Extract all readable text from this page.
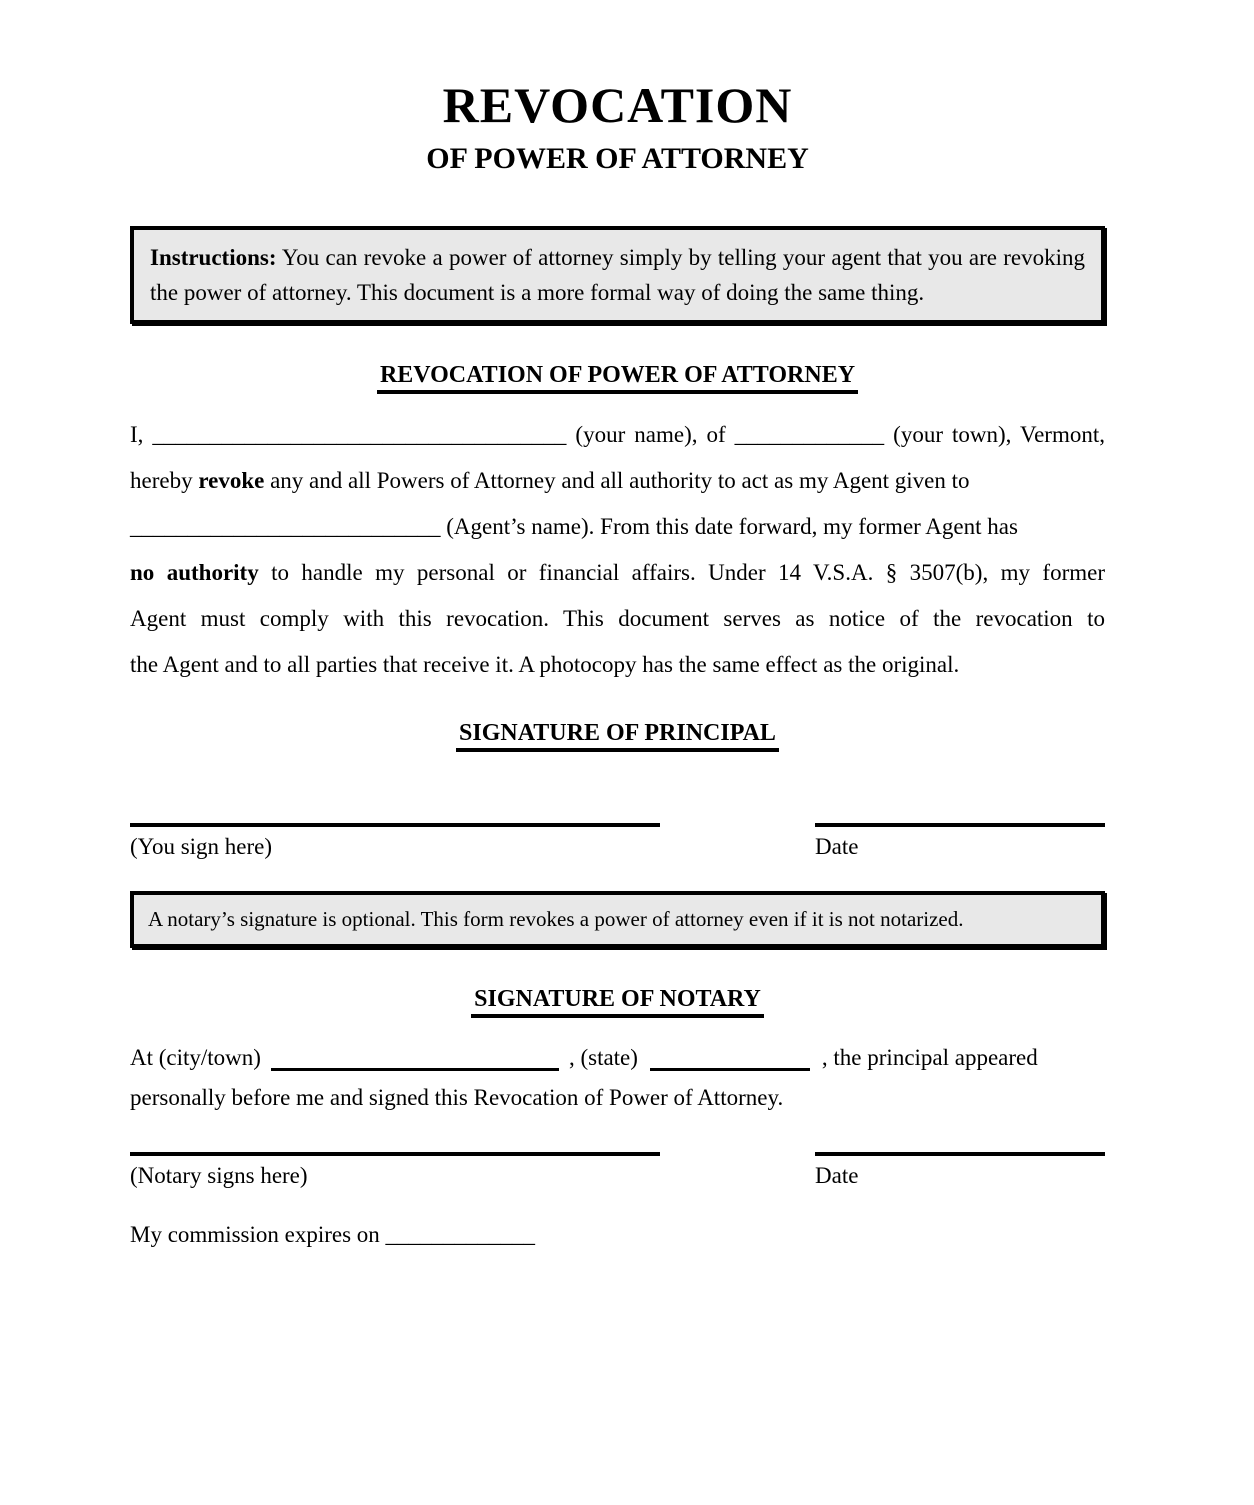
REVOCATION
OF POWER OF ATTORNEY
Instructions: You can revoke a power of attorney simply by telling your agent that you are revoking the power of attorney. This document is a more formal way of doing the same thing.
REVOCATION OF POWER OF ATTORNEY
I, ____________________________________ (your name), of _____________ (your town), Vermont,
hereby revoke any and all Powers of Attorney and all authority to act as my Agent given to
___________________________ (Agent’s name). From this date forward, my former Agent has
no authority to handle my personal or financial affairs. Under 14 V.S.A. § 3507(b), my former
Agent must comply with this revocation. This document serves as notice of the revocation to
the Agent and to all parties that receive it. A photocopy has the same effect as the original.
SIGNATURE OF PRINCIPAL
(You sign here)	Date
A notary’s signature is optional. This form revokes a power of attorney even if it is not notarized.
SIGNATURE OF NOTARY
At (city/town)	, (state)	, the principal appeared
personally before me and signed this Revocation of Power of Attorney.
(Notary signs here)	Date
My commission expires on _____________
